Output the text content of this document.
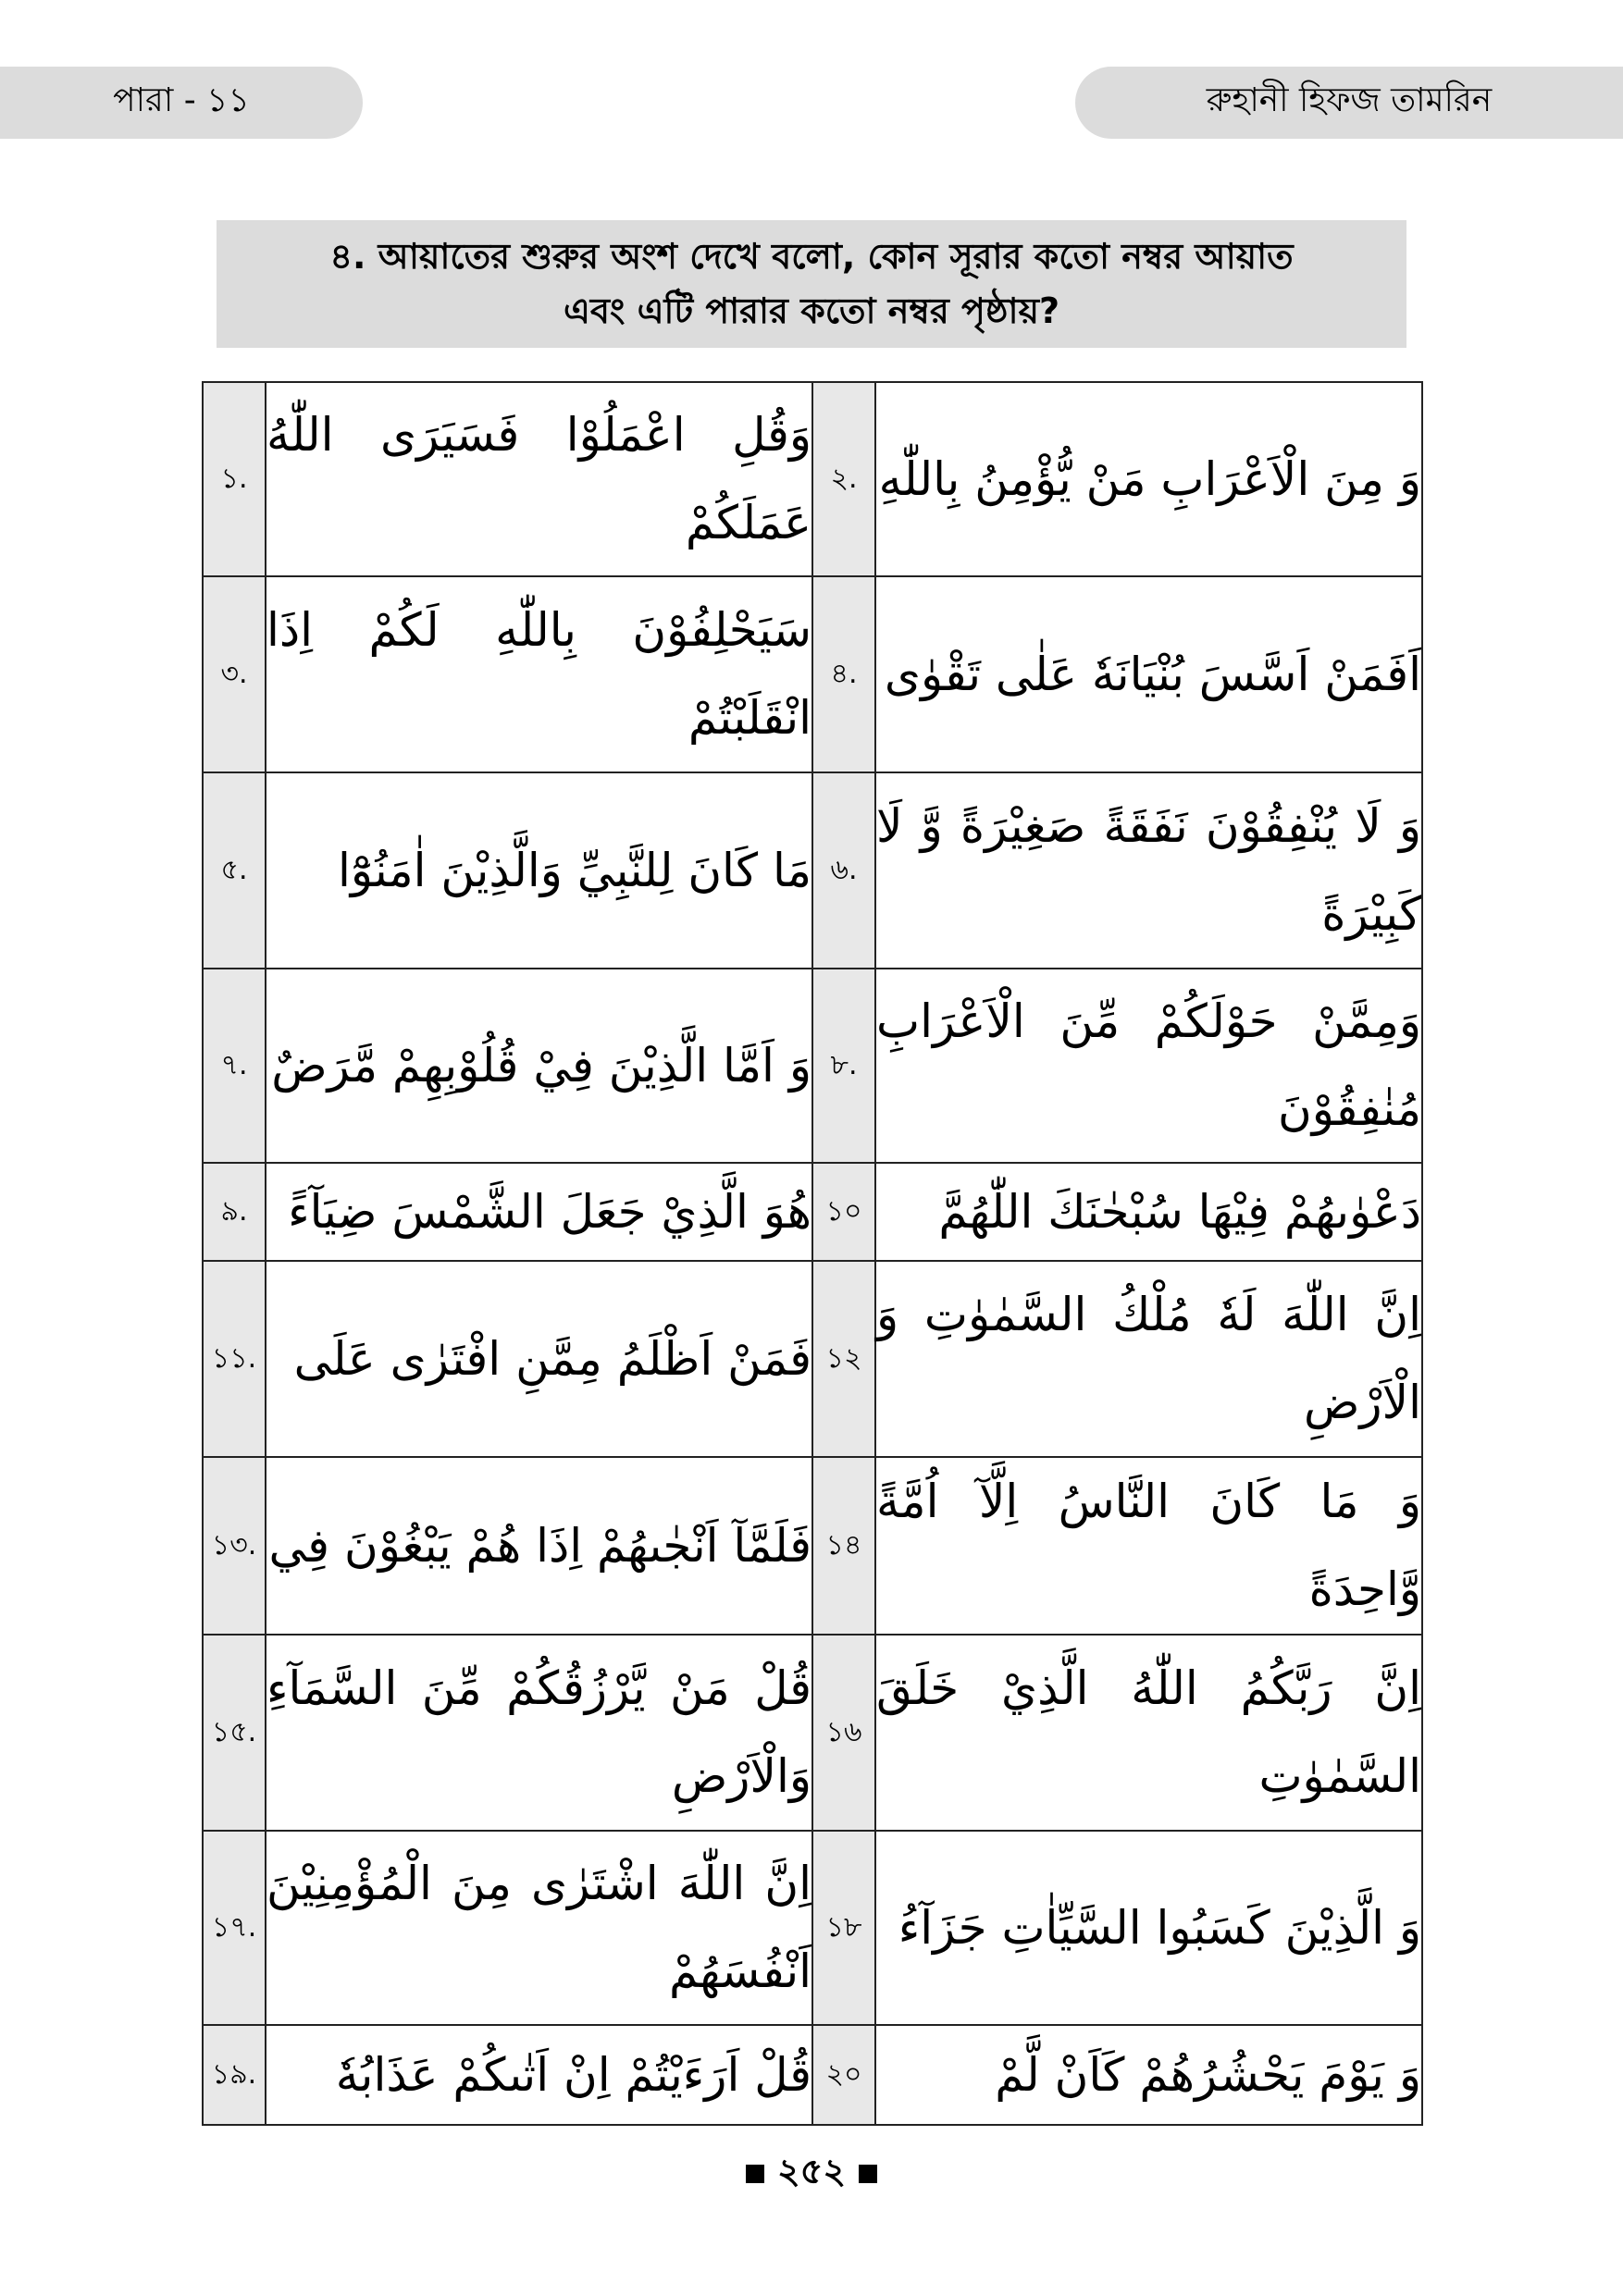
পারা - ১১	রুহানী হিফজ তামরিন
৪. আয়াতের শুরুর অংশ দেখে বলো, কোন সূরার কতো নম্বর আয়াত
এবং এটি পারার কতো নম্বর পৃষ্ঠায়?
১.	وَقُلِ اعْمَلُوْا فَسَيَرَى اللّٰهُ عَمَلَكُمْ	২.	وَ مِنَ الْاَعْرَابِ مَنْ يُّؤْمِنُ بِاللّٰهِ
৩.	سَيَحْلِفُوْنَ بِاللّٰهِ لَكُمْ اِذَا انْقَلَبْتُمْ	৪.	اَفَمَنْ اَسَّسَ بُنْيَانَهٗ عَلٰى تَقْوٰى
৫.	مَا كَانَ لِلنَّبِيِّ وَالَّذِيْنَ اٰمَنُوْٓا	৬.	وَ لَا يُنْفِقُوْنَ نَفَقَةً صَغِيْرَةً وَّ لَا كَبِيْرَةً
৭.	وَ اَمَّا الَّذِيْنَ فِيْ قُلُوْبِهِمْ مَّرَضٌ	৮.	وَمِمَّنْ حَوْلَكُمْ مِّنَ الْاَعْرَابِ مُنٰفِقُوْنَ
৯.	هُوَ الَّذِيْ جَعَلَ الشَّمْسَ ضِيَآءً	১০	دَعْوٰىهُمْ فِيْهَا سُبْحٰنَكَ اللّٰهُمَّ
১১.	فَمَنْ اَظْلَمُ مِمَّنِ افْتَرٰى عَلَى	১২	اِنَّ اللّٰهَ لَهٗ مُلْكُ السَّمٰوٰتِ وَ الْاَرْضِ
১৩.	فَلَمَّآ اَنْجٰىهُمْ اِذَا هُمْ يَبْغُوْنَ فِي	১৪	وَ مَا كَانَ النَّاسُ اِلَّآ اُمَّةً وَّاحِدَةً
১৫.	قُلْ مَنْ يَّرْزُقُكُمْ مِّنَ السَّمَآءِ وَالْاَرْضِ	১৬	اِنَّ رَبَّكُمُ اللّٰهُ الَّذِيْ خَلَقَ السَّمٰوٰتِ
১৭.	اِنَّ اللّٰهَ اشْتَرٰى مِنَ الْمُؤْمِنِيْنَ اَنْفُسَهُمْ	১৮	وَ الَّذِيْنَ كَسَبُوا السَّيِّاٰتِ جَزَآءُ
১৯.	قُلْ اَرَءَيْتُمْ اِنْ اَتٰىكُمْ عَذَابُهٗ	২০	وَ يَوْمَ يَحْشُرُهُمْ كَاَنْ لَّمْ
২৫২
